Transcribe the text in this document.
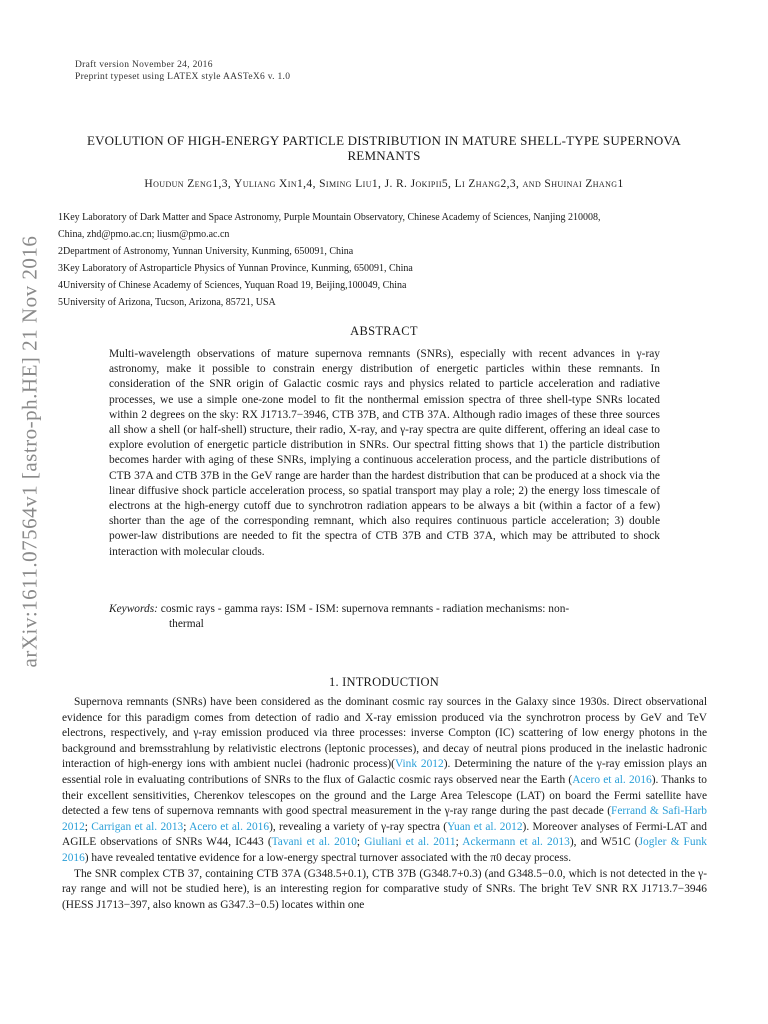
Draft version November 24, 2016
Preprint typeset using LATEX style AASTeX6 v. 1.0
arXiv:1611.07564v1 [astro-ph.HE] 21 Nov 2016
EVOLUTION OF HIGH-ENERGY PARTICLE DISTRIBUTION IN MATURE SHELL-TYPE SUPERNOVA
REMNANTS
Houdun Zeng1,3, Yuliang Xin1,4, Siming Liu1, J. R. Jokipii5, Li Zhang2,3, and Shuinai Zhang1
1Key Laboratory of Dark Matter and Space Astronomy, Purple Mountain Observatory, Chinese Academy of Sciences, Nanjing 210008,
China, zhd@pmo.ac.cn; liusm@pmo.ac.cn
2Department of Astronomy, Yunnan University, Kunming, 650091, China
3Key Laboratory of Astroparticle Physics of Yunnan Province, Kunming, 650091, China
4University of Chinese Academy of Sciences, Yuquan Road 19, Beijing,100049, China
5University of Arizona, Tucson, Arizona, 85721, USA
ABSTRACT
Multi-wavelength observations of mature supernova remnants (SNRs), especially with recent advances in γ-ray astronomy, make it possible to constrain energy distribution of energetic particles within these remnants. In consideration of the SNR origin of Galactic cosmic rays and physics related to particle acceleration and radiative processes, we use a simple one-zone model to fit the nonthermal emission spectra of three shell-type SNRs located within 2 degrees on the sky: RX J1713.7−3946, CTB 37B, and CTB 37A. Although radio images of these three sources all show a shell (or half-shell) structure, their radio, X-ray, and γ-ray spectra are quite different, offering an ideal case to explore evolution of energetic particle distribution in SNRs. Our spectral fitting shows that 1) the particle distribution becomes harder with aging of these SNRs, implying a continuous acceleration process, and the particle distributions of CTB 37A and CTB 37B in the GeV range are harder than the hardest distribution that can be produced at a shock via the linear diffusive shock particle acceleration process, so spatial transport may play a role; 2) the energy loss timescale of electrons at the high-energy cutoff due to synchrotron radiation appears to be always a bit (within a factor of a few) shorter than the age of the corresponding remnant, which also requires continuous particle acceleration; 3) double power-law distributions are needed to fit the spectra of CTB 37B and CTB 37A, which may be attributed to shock interaction with molecular clouds.
Keywords: cosmic rays - gamma rays: ISM - ISM: supernova remnants - radiation mechanisms: non-
thermal
1. INTRODUCTION

Supernova remnants (SNRs) have been considered as the dominant cosmic ray sources in the Galaxy since 1930s. Direct observational evidence for this paradigm comes from detection of radio and X-ray emission produced via the synchrotron process by GeV and TeV electrons, respectively, and γ-ray emission produced via three processes: inverse Compton (IC) scattering of low energy photons in the background and bremsstrahlung by relativistic electrons (leptonic processes), and decay of neutral pions produced in the inelastic hadronic interaction of high-energy ions with ambient nuclei (hadronic process)(Vink 2012). Determining the nature of the γ-ray emission plays an essential role in evaluating contributions of SNRs to the flux of Galactic cosmic rays observed near the Earth (Acero et al. 2016). Thanks to their excellent sensitivities, Cherenkov telescopes on the ground and the Large Area Telescope (LAT) on board the Fermi satellite have detected a few tens of supernova remnants with good spectral measurement in the γ-ray range during the past decade (Ferrand & Safi-Harb 2012; Carrigan et al. 2013; Acero et al. 2016), revealing a variety of γ-ray spectra (Yuan et al. 2012). Moreover analyses of Fermi-LAT and AGILE observations of SNRs W44, IC443 (Tavani et al. 2010; Giuliani et al. 2011; Ackermann et al. 2013), and W51C (Jogler & Funk 2016) have revealed tentative evidence for a low-energy spectral turnover associated with the π0 decay process.

The SNR complex CTB 37, containing CTB 37A (G348.5+0.1), CTB 37B (G348.7+0.3) (and G348.5−0.0, which is not detected in the γ-ray range and will not be studied here), is an interesting region for comparative study of SNRs. The bright TeV SNR RX J1713.7−3946 (HESS J1713−397, also known as G347.3−0.5) locates within one
